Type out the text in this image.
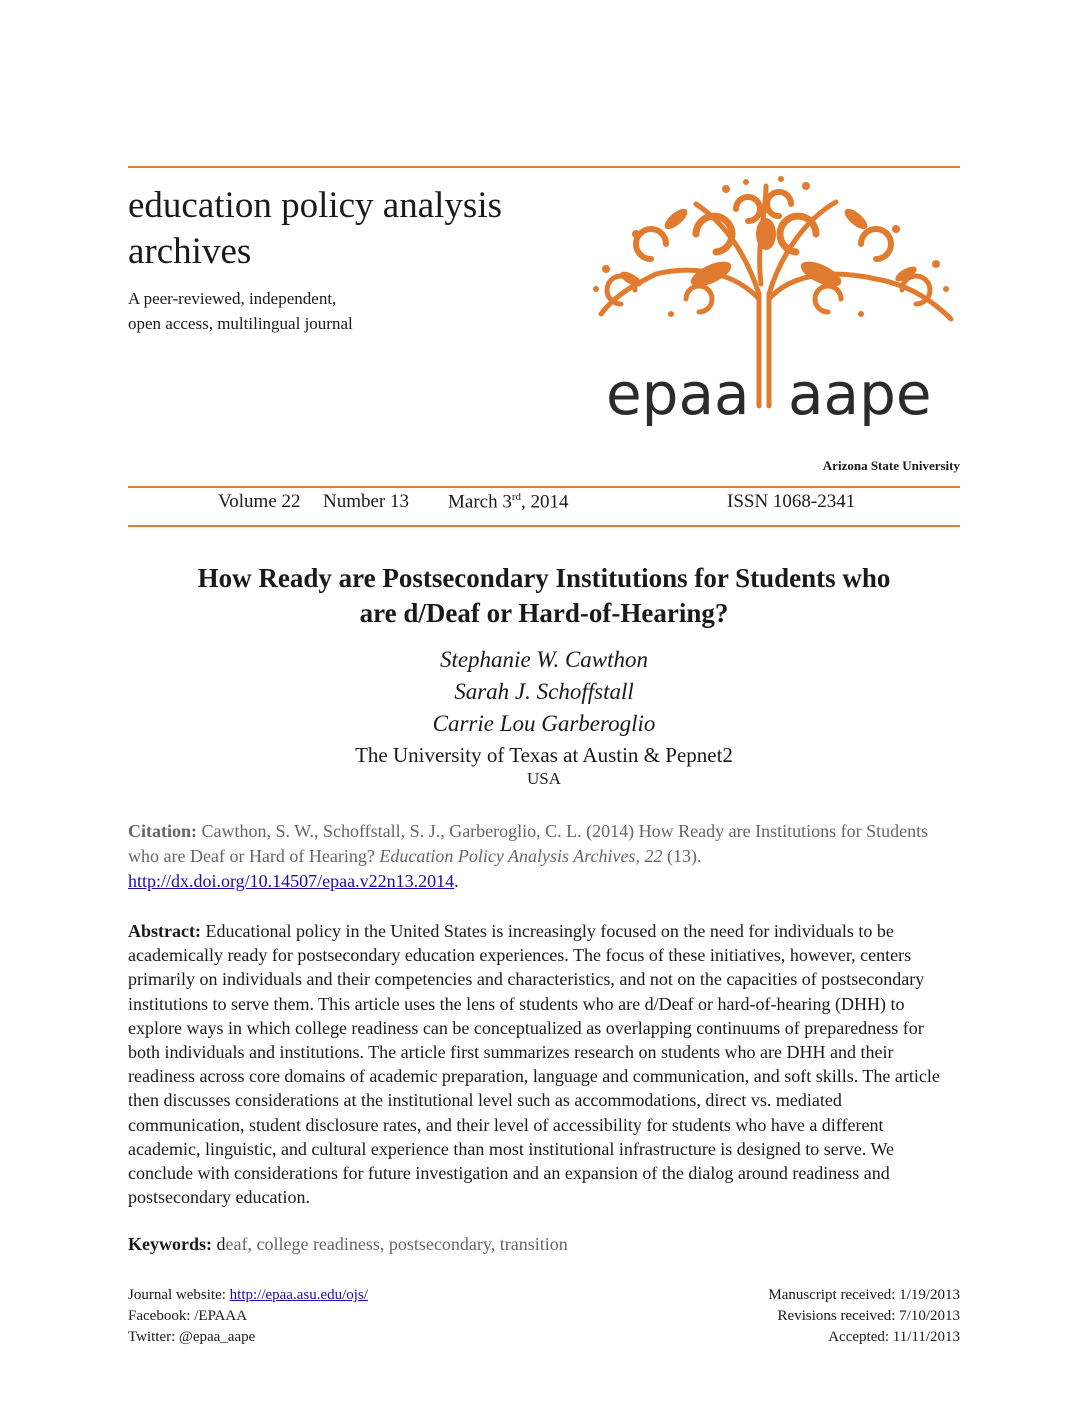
education policy analysis
archives
A peer-reviewed, independent,
open access, multilingual journal
epaa aape
Arizona State University
Volume 22 Number 13 March 3rd, 2014	ISSN 1068-2341
How Ready are Postsecondary Institutions for Students who
are d/Deaf or Hard-of-Hearing?
Stephanie W. Cawthon
Sarah J. Schoffstall
Carrie Lou Garberoglio
The University of Texas at Austin & Pepnet2
USA
Citation: Cawthon, S. W., Schoffstall, S. J., Garberoglio, C. L. (2014) How Ready are Institutions for Students who are Deaf or Hard of Hearing? Education Policy Analysis Archives, 22 (13).
http://dx.doi.org/10.14507/epaa.v22n13.2014.
Abstract: Educational policy in the United States is increasingly focused on the need for individuals to be academically ready for postsecondary education experiences. The focus of these initiatives, however, centers primarily on individuals and their competencies and characteristics, and not on the capacities of postsecondary institutions to serve them. This article uses the lens of students who are d/Deaf or hard-of-hearing (DHH) to explore ways in which college readiness can be conceptualized as overlapping continuums of preparedness for both individuals and institutions. The article first summarizes research on students who are DHH and their readiness across core domains of academic preparation, language and communication, and soft skills. The article then discusses considerations at the institutional level such as accommodations, direct vs. mediated communication, student disclosure rates, and their level of accessibility for students who have a different academic, linguistic, and cultural experience than most institutional infrastructure is designed to serve. We conclude with considerations for future investigation and an expansion of the dialog around readiness and postsecondary education.
Keywords: deaf, college readiness, postsecondary, transition
Journal website: http://epaa.asu.edu/ojs/
Facebook: /EPAAA
Twitter: @epaa_aape
Manuscript received: 1/19/2013
Revisions received: 7/10/2013
Accepted: 11/11/2013
